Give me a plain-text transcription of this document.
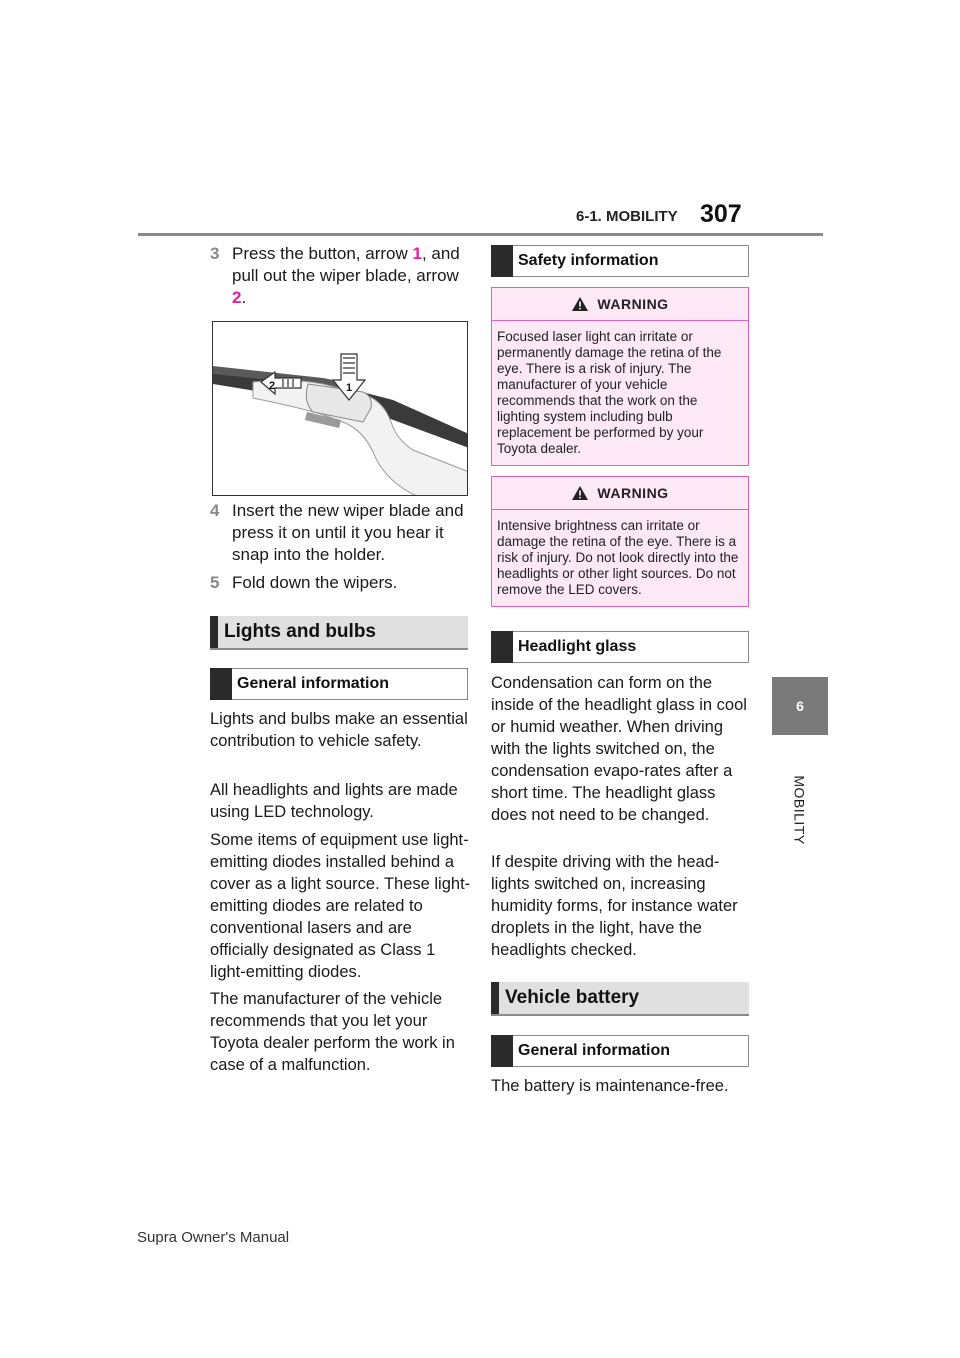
6-1. MOBILITY 307
6
MOBILITY
3 Press the button, arrow 1, and pull out the wiper blade, arrow 2.
2	1
4 Insert the new wiper blade and press it on until it you hear it snap into the holder.
5 Fold down the wipers.
Lights and bulbs
General information
Lights and bulbs make an essential contribution to vehicle safety.
All headlights and lights are made using LED technology.
Some items of equipment use light-emitting diodes installed behind a cover as a light source. These light-emitting diodes are related to conventional lasers and are officially designated as Class 1 light-emitting diodes.
The manufacturer of the vehicle recommends that you let your Toyota dealer perform the work in case of a malfunction.
Safety information
WARNING
Focused laser light can irritate or permanently damage the retina of the eye. There is a risk of injury. The manufacturer of your vehicle recommends that the work on the lighting system including bulb replacement be performed by your Toyota dealer.
WARNING
Intensive brightness can irritate or damage the retina of the eye. There is a risk of injury. Do not look directly into the headlights or other light sources. Do not remove the LED covers.
Headlight glass
Condensation can form on the inside of the headlight glass in cool or humid weather. When driving with the lights switched on, the condensation evapo-rates after a short time. The headlight glass does not need to be changed.
If despite driving with the head-lights switched on, increasing humidity forms, for instance water droplets in the light, have the headlights checked.
Vehicle battery
General information
The battery is maintenance-free.
Supra Owner's Manual
